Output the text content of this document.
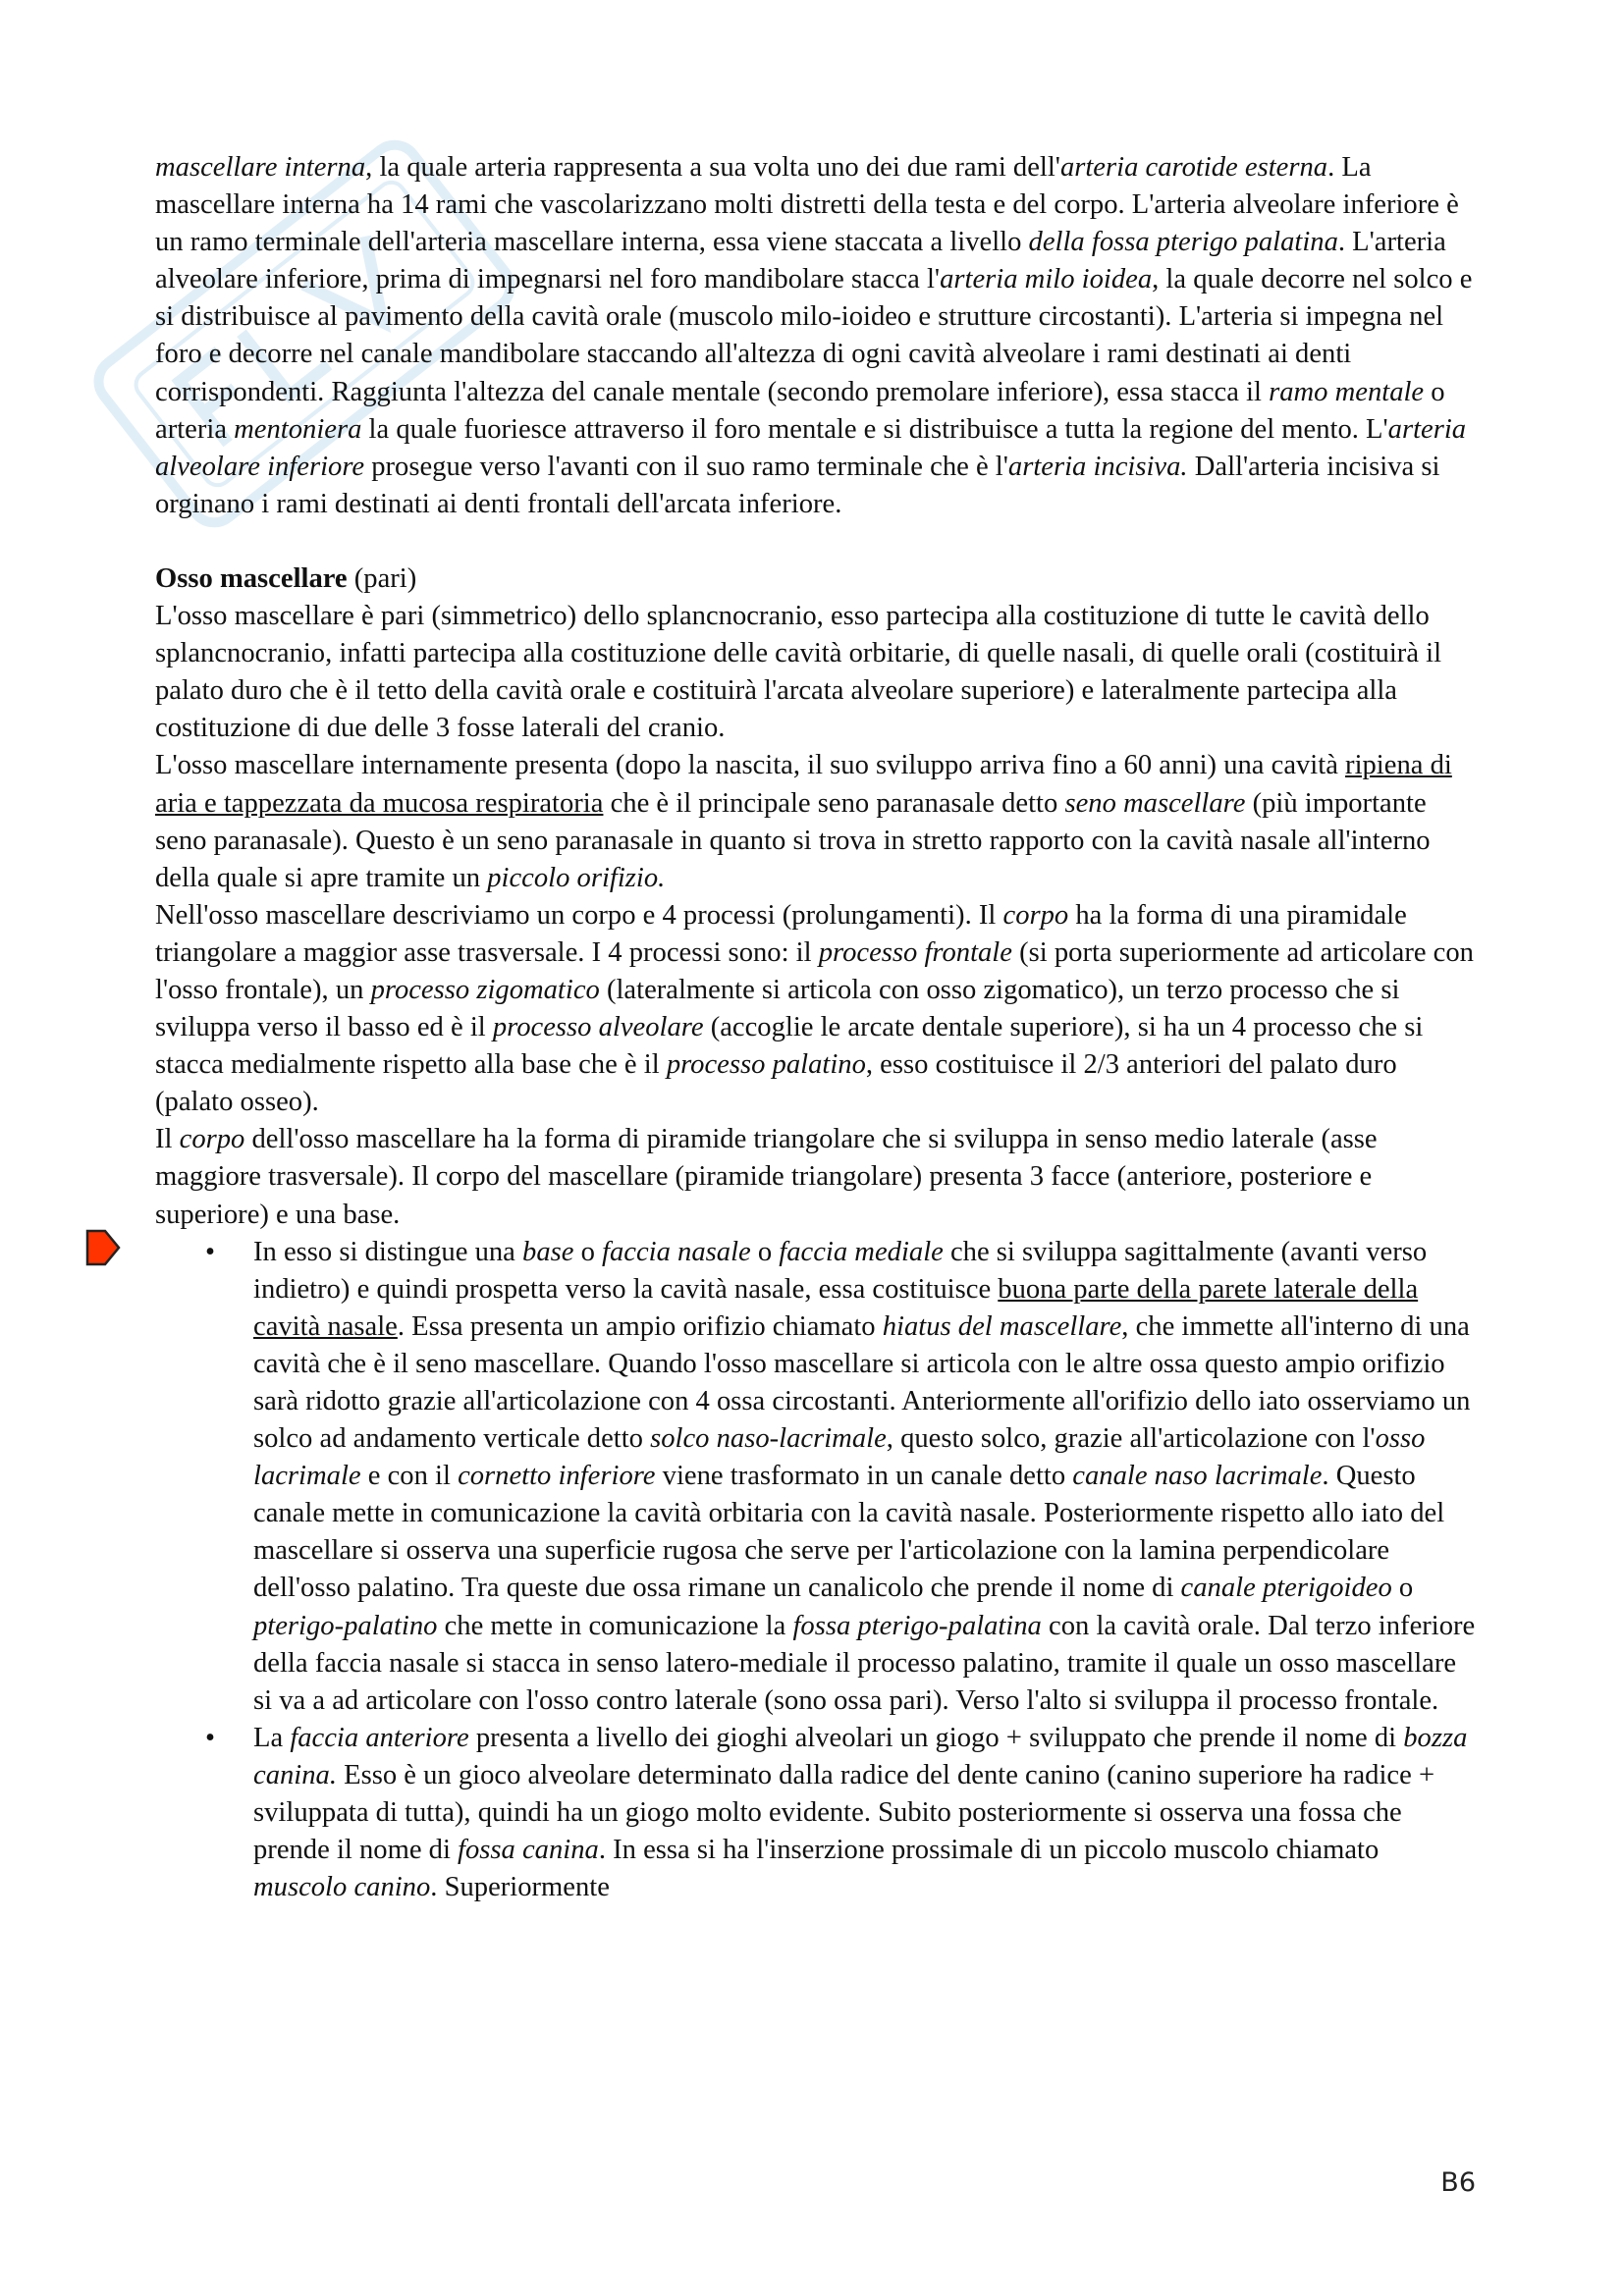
mascellare interna, la quale arteria rappresenta a sua volta uno dei due rami dell'arteria carotide esterna. La mascellare interna ha 14 rami che vascolarizzano molti distretti della testa e del corpo. L'arteria alveolare inferiore è un ramo terminale dell'arteria mascellare interna, essa viene staccata a livello della fossa pterigo palatina. L'arteria alveolare inferiore, prima di impegnarsi nel foro mandibolare stacca l'arteria milo ioidea, la quale decorre nel solco e si distribuisce al pavimento della cavità orale (muscolo milo-ioideo e strutture circostanti). L'arteria si impegna nel foro e decorre nel canale mandibolare staccando all'altezza di ogni cavità alveolare i rami destinati ai denti corrispondenti. Raggiunta l'altezza del canale mentale (secondo premolare inferiore), essa stacca il ramo mentale o arteria mentoniera la quale fuoriesce attraverso il foro mentale e si distribuisce a tutta la regione del mento. L'arteria alveolare inferiore prosegue verso l'avanti con il suo ramo terminale che è l'arteria incisiva. Dall'arteria incisiva si orginano i rami destinati ai denti frontali dell'arcata inferiore.

Osso mascellare (pari)

L'osso mascellare è pari (simmetrico) dello splancnocranio, esso partecipa alla costituzione di tutte le cavità dello splancnocranio, infatti partecipa alla costituzione delle cavità orbitarie, di quelle nasali, di quelle orali (costituirà il palato duro che è il tetto della cavità orale e costituirà l'arcata alveolare superiore) e lateralmente partecipa alla costituzione di due delle 3 fosse laterali del cranio.

L'osso mascellare internamente presenta (dopo la nascita, il suo sviluppo arriva fino a 60 anni) una cavità ripiena di aria e tappezzata da mucosa respiratoria che è il principale seno paranasale detto seno mascellare (più importante seno paranasale). Questo è un seno paranasale in quanto si trova in stretto rapporto con la cavità nasale all'interno della quale si apre tramite un piccolo orifizio.

Nell'osso mascellare descriviamo un corpo e 4 processi (prolungamenti). Il corpo ha la forma di una piramidale triangolare a maggior asse trasversale. I 4 processi sono: il processo frontale (si porta superiormente ad articolare con l'osso frontale), un processo zigomatico (lateralmente si articola con osso zigomatico), un terzo processo che si sviluppa verso il basso ed è il processo alveolare (accoglie le arcate dentale superiore), si ha un 4 processo che si stacca medialmente rispetto alla base che è il processo palatino, esso costituisce il 2/3 anteriori del palato duro (palato osseo).

Il corpo dell'osso mascellare ha la forma di piramide triangolare che si sviluppa in senso medio laterale (asse maggiore trasversale). Il corpo del mascellare (piramide triangolare) presenta 3 facce (anteriore, posteriore e superiore) e una base.

• In esso si distingue una base o faccia nasale o faccia mediale che si sviluppa sagittalmente (avanti verso indietro) e quindi prospetta verso la cavità nasale, essa costituisce buona parte della parete laterale della cavità nasale. Essa presenta un ampio orifizio chiamato hiatus del mascellare, che immette all'interno di una cavità che è il seno mascellare. Quando l'osso mascellare si articola con le altre ossa questo ampio orifizio sarà ridotto grazie all'articolazione con 4 ossa circostanti. Anteriormente all'orifizio dello iato osserviamo un solco ad andamento verticale detto solco naso-lacrimale, questo solco, grazie all'articolazione con l'osso lacrimale e con il cornetto inferiore viene trasformato in un canale detto canale naso lacrimale. Questo canale mette in comunicazione la cavità orbitaria con la cavità nasale. Posteriormente rispetto allo iato del mascellare si osserva una superficie rugosa che serve per l'articolazione con la lamina perpendicolare dell'osso palatino. Tra queste due ossa rimane un canalicolo che prende il nome di canale pterigoideo o pterigo-palatino che mette in comunicazione la fossa pterigo-palatina con la cavità orale. Dal terzo inferiore della faccia nasale si stacca in senso latero-mediale il processo palatino, tramite il quale un osso mascellare si va a ad articolare con l'osso contro laterale (sono ossa pari). Verso l'alto si sviluppa il processo frontale.
• La faccia anteriore presenta a livello dei gioghi alveolari un giogo + sviluppato che prende il nome di bozza canina. Esso è un gioco alveolare determinato dalla radice del dente canino (canino superiore ha radice + sviluppata di tutta), quindi ha un giogo molto evidente. Subito posteriormente si osserva una fossa che prende il nome di fossa canina. In essa si ha l'inserzione prossimale di un piccolo muscolo chiamato muscolo canino. Superiormente
B6
